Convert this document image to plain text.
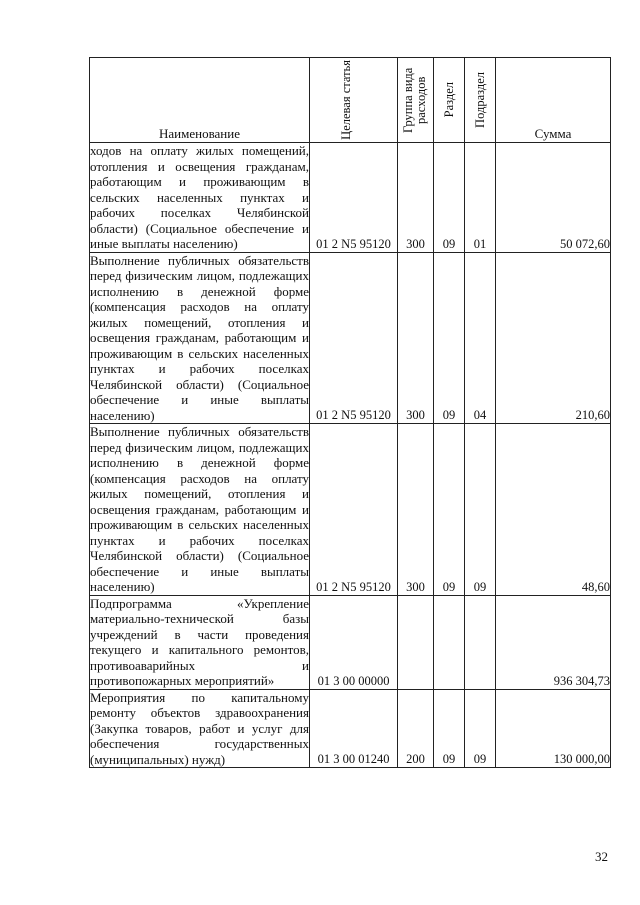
Наименование	Целевая статья	Группа вида расходов	Раздел	Подраздел	Сумма

ходов на оплату жилых помещений, отопления и освещения гражданам, работающим и проживающим в сельских населенных пунктах и рабочих поселках Челябинской области) (Социальное обеспечение и иные выплаты населению)	01 2 N5 95120	300	09	01	50 072,60

Выполнение публичных обязательств перед физическим лицом, подлежащих исполнению в денежной форме (компенсация расходов на оплату жилых помещений, отопления и освещения гражданам, работающим и проживающим в сельских населенных пунктах и рабочих поселках Челябинской области) (Социальное обеспечение и иные выплаты населению)	01 2 N5 95120	300	09	04	210,60

Выполнение публичных обязательств перед физическим лицом, подлежащих исполнению в денежной форме (компенсация расходов на оплату жилых помещений, отопления и освещения гражданам, работающим и проживающим в сельских населенных пунктах и рабочих поселках Челябинской области) (Социальное обеспечение и иные выплаты населению)	01 2 N5 95120	300	09	09	48,60

Подпрограмма «Укрепление материально-технической базы учреждений в части проведения текущего и капитального ремонтов, противоаварийных и противопожарных мероприятий»	01 3 00 00000				936 304,73

Мероприятия по капитальному ремонту объектов здравоохранения (Закупка товаров, работ и услуг для обеспечения государственных (муниципальных) нужд)	01 3 00 01240	200	09	09	130 000,00
32
